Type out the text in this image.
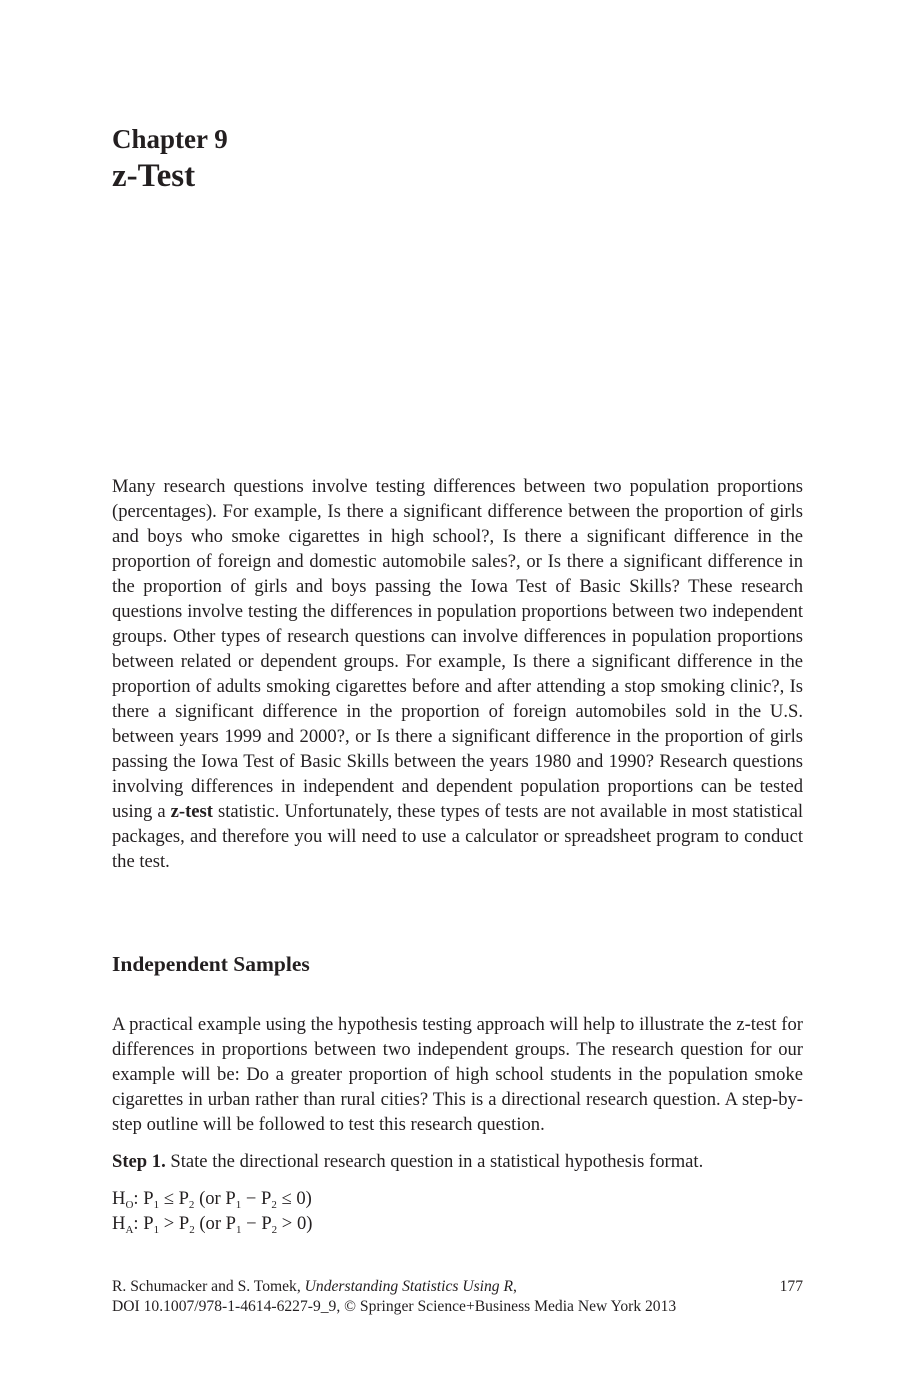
Chapter 9
z-Test

Many research questions involve testing differences between two population proportions (percentages). For example, Is there a significant difference between the proportion of girls and boys who smoke cigarettes in high school?, Is there a significant difference in the proportion of foreign and domestic automobile sales?, or Is there a significant difference in the proportion of girls and boys passing the Iowa Test of Basic Skills? These research questions involve testing the differences in population proportions between two independent groups. Other types of research questions can involve differences in population proportions between related or dependent groups. For example, Is there a significant difference in the proportion of adults smoking cigarettes before and after attending a stop smoking clinic?, Is there a significant difference in the proportion of foreign automobiles sold in the U.S. between years 1999 and 2000?, or Is there a significant difference in the proportion of girls passing the Iowa Test of Basic Skills between the years 1980 and 1990? Research questions involving differences in independent and dependent population proportions can be tested using a z-test statistic. Unfortunately, these types of tests are not available in most statistical packages, and therefore you will need to use a calculator or spreadsheet program to conduct the test.

Independent Samples

A practical example using the hypothesis testing approach will help to illustrate the z-test for differences in proportions between two independent groups. The research question for our example will be: Do a greater proportion of high school students in the population smoke cigarettes in urban rather than rural cities? This is a directional research question. A step-by-step outline will be followed to test this research question.

Step 1. State the directional research question in a statistical hypothesis format.
$H_O$: $P_1 \le P_2$ (or $P_1 - P_2 \le 0$)
$H_A$: $P_1 > P_2$ (or $P_1 - P_2 > 0$)
R. Schumacker and S. Tomek, Understanding Statistics Using R,	177
DOI 10.1007/978-1-4614-6227-9_9, © Springer Science+Business Media New York 2013
